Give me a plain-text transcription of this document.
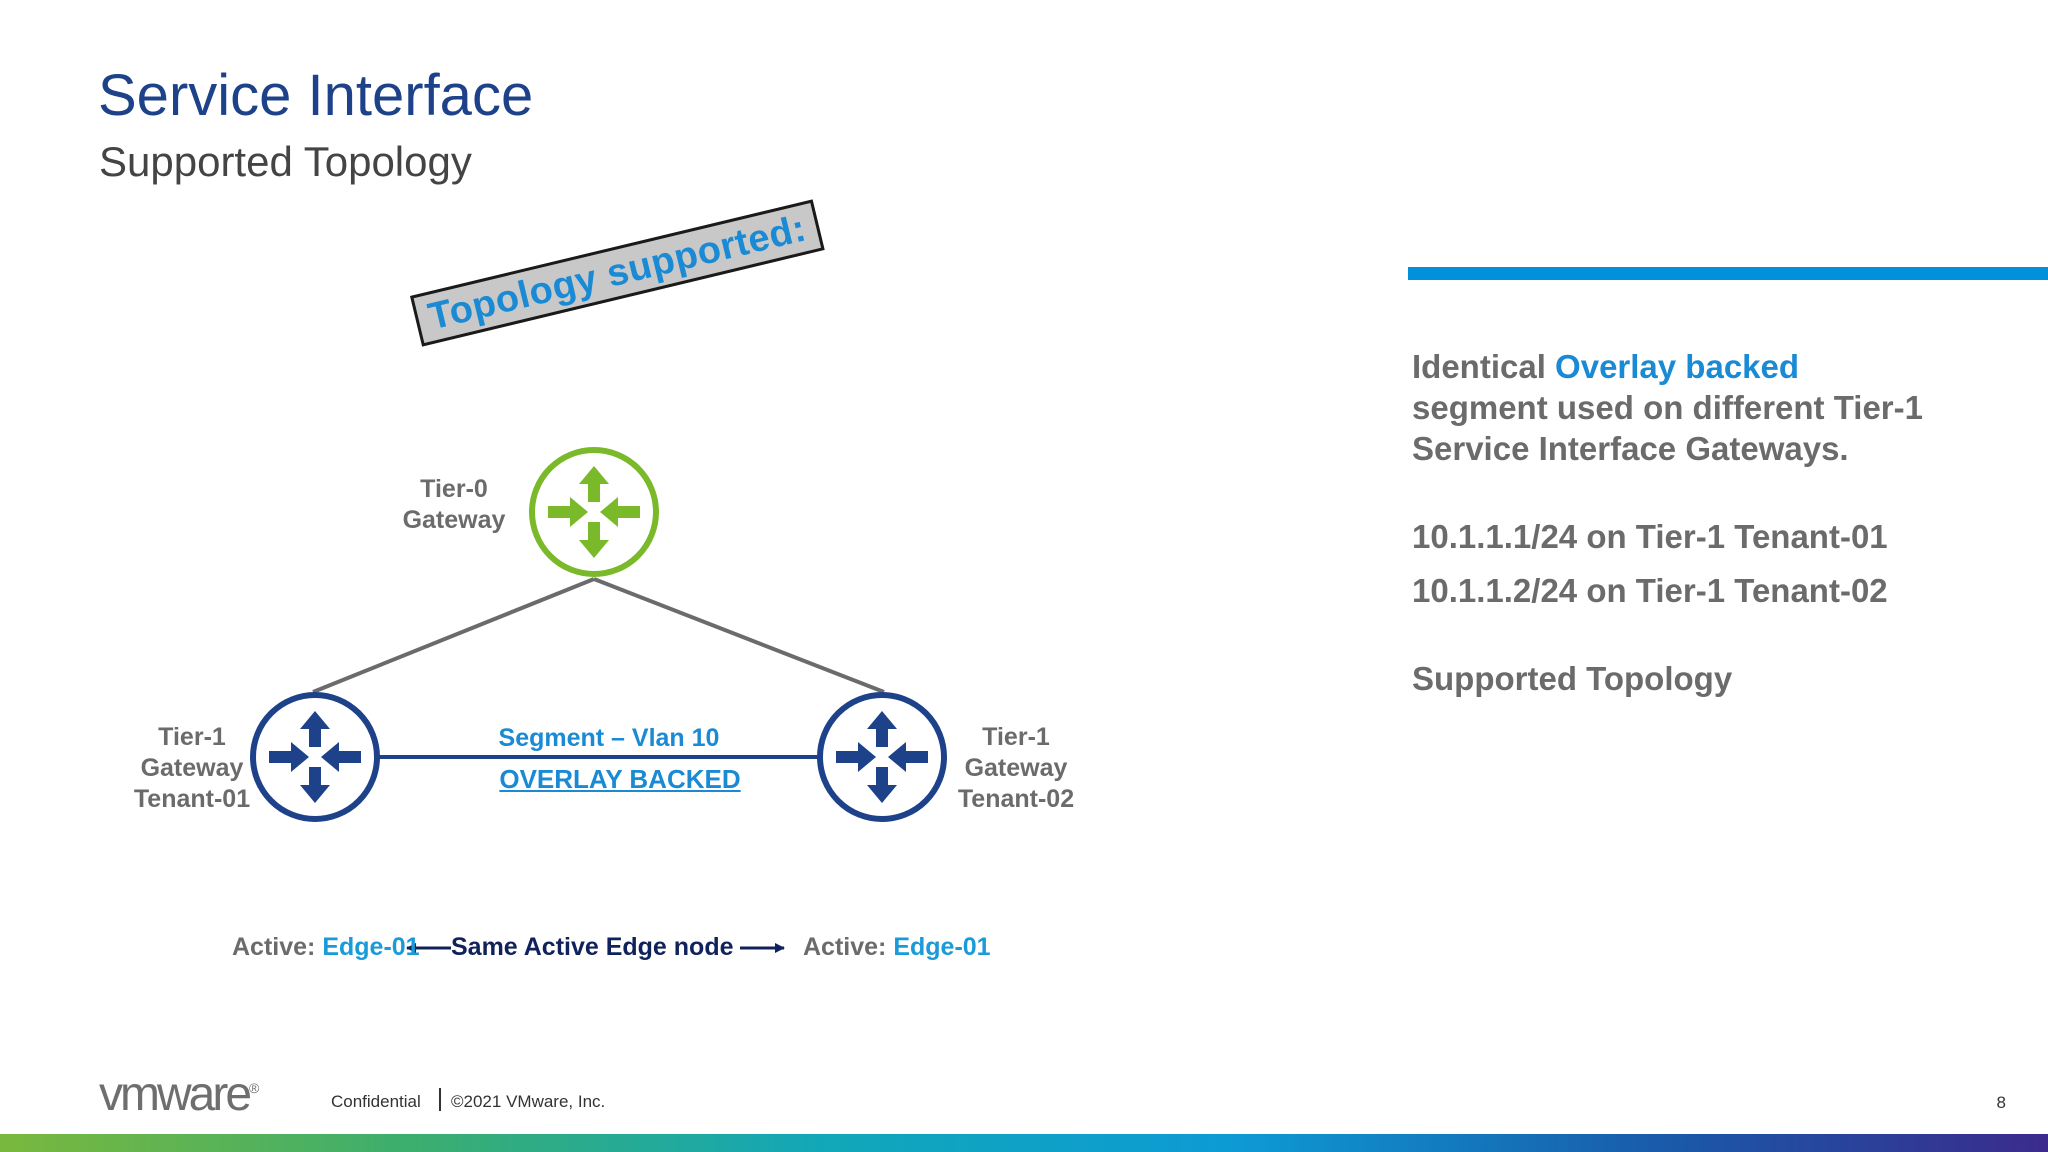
Service Interface
Supported Topology
Topology supported:
Tier-0
Gateway
Tier-1
Gateway
Tenant-01
Tier-1
Gateway
Tenant-02
Segment – Vlan 10
OVERLAY BACKED
Active: Edge-01 Same Active Edge node	Active: Edge-01

Identical Overlay backed
segment used on different Tier-1 Service Interface Gateways.

10.1.1.1/24 on Tier-1 Tenant-01

10.1.1.2/24 on Tier-1 Tenant-02

Supported Topology

vmware®
Confidential ©2021 VMware, Inc.	8
